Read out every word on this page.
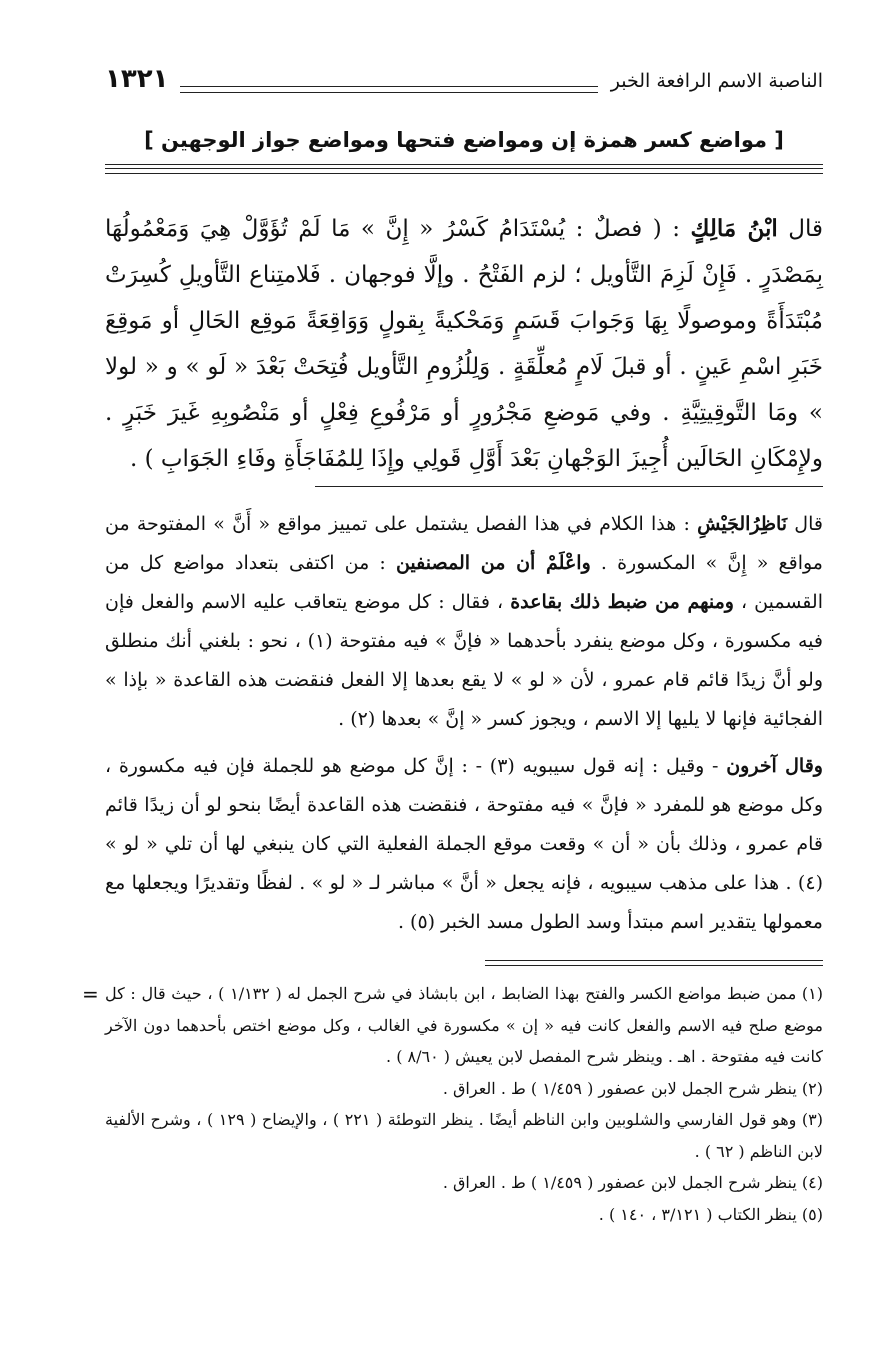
الناصبة الاسم الرافعة الخبر
١٣٢١
[ مواضع كسر همزة إن ومواضع فتحها ومواضع جواز الوجهين ]
قال ابْنُ مَالِكٍ : ( فصلٌ : يُسْتَدَامُ كَسْرُ « إِنَّ » مَا لَمْ تُؤَوَّلْ هِيَ وَمَعْمُولُهَا بِمَصْدَرٍ . فَإِنْ لَزِمَ التَّأويل ؛ لزم الفَتْحُ . وإلَّا فوجهان . فَلامتِناع التَّأويلِ كُسِرَتْ مُبْتَدَأَةً وموصولًا بِهَا وَجَوابَ قَسَمٍ وَمَحْكيةً بِقولٍ وَوَاقِعَةً مَوقِع الحَالِ أو مَوقِعَ خَبَرِ اسْمِ عَينٍ . أو قبلَ لَامٍ مُعلِّقَةٍ . وَلِلُزُومِ التَّأويل فُتِحَتْ بَعْدَ « لَو » و « لولا » ومَا التَّوقِيتِيَّةِ . وفي مَوضعِ مَجْرُورٍ أو مَرْفُوعِ فِعْلٍ أو مَنْصُوبِهِ غَيرَ خَبَرٍ . ولإِمْكَانِ الحَالَين أُجِيزَ الوَجْهانِ بَعْدَ أَوَّلِ قَولِي وإِذَا لِلمُفَاجَأَةِ وفَاءِ الجَوَابِ ) .

قال نَاظِرُالجَيْشِ : هذا الكلام في هذا الفصل يشتمل على تمييز مواقع « أَنَّ » المفتوحة من مواقع « إِنَّ » المكسورة . واعْلَمْ أن من المصنفين : من اكتفى بتعداد مواضع كل من القسمين ، ومنهم من ضبط ذلك بقاعدة ، فقال : كل موضع يتعاقب عليه الاسم والفعل فإن فيه مكسورة ، وكل موضع ينفرد بأحدهما « فإنَّ » فيه مفتوحة (١) ، نحو : بلغني أنك منطلق ولو أنَّ زيدًا قائم قام عمرو ، لأن « لو » لا يقع بعدها إلا الفعل فنقضت هذه القاعدة « بإذا » الفجائية فإنها لا يليها إلا الاسم ، ويجوز كسر « إنَّ » بعدها (٢) .

وقال آخرون - وقيل : إنه قول سيبويه (٣) - : إنَّ كل موضع هو للجملة فإن فيه مكسورة ، وكل موضع هو للمفرد « فإنَّ » فيه مفتوحة ، فنقضت هذه القاعدة أيضًا بنحو لو أن زيدًا قائم قام عمرو ، وذلك بأن « أن » وقعت موقع الجملة الفعلية التي كان ينبغي لها أن تلي « لو » (٤) . هذا على مذهب سيبويه ، فإنه يجعل « أنَّ » مباشر لـ « لو » . لفظًا وتقديرًا ويجعلها مع معمولها يتقدير اسم مبتدأ وسد الطول مسد الخبر (٥) .

(١) ممن ضبط مواضع الكسر والفتح بهذا الضابط ، ابن بابشاذ في شرح الجمل له ( ١/١٣٢ ) ، حيث قال : كل موضع صلح فيه الاسم والفعل كانت فيه « إن » مكسورة في الغالب ، وكل موضع اختص بأحدهما دون الآخر كانت فيه مفتوحة . اهـ . وينظر شرح المفصل لابن يعيش ( ٨/٦٠ ) .
(٢) ينظر شرح الجمل لابن عصفور ( ١/٤٥٩ ) ط . العراق .
(٣) وهو قول الفارسي والشلوبين وابن الناظم أيضًا . ينظر التوطئة ( ٢٢١ ) ، والإيضاح ( ١٢٩ ) ، وشرح الألفية لابن الناظم ( ٦٢ ) .
(٤) ينظر شرح الجمل لابن عصفور ( ١/٤٥٩ ) ط . العراق .
(٥) ينظر الكتاب ( ٣/١٢١ ، ١٤٠ ) .
=
